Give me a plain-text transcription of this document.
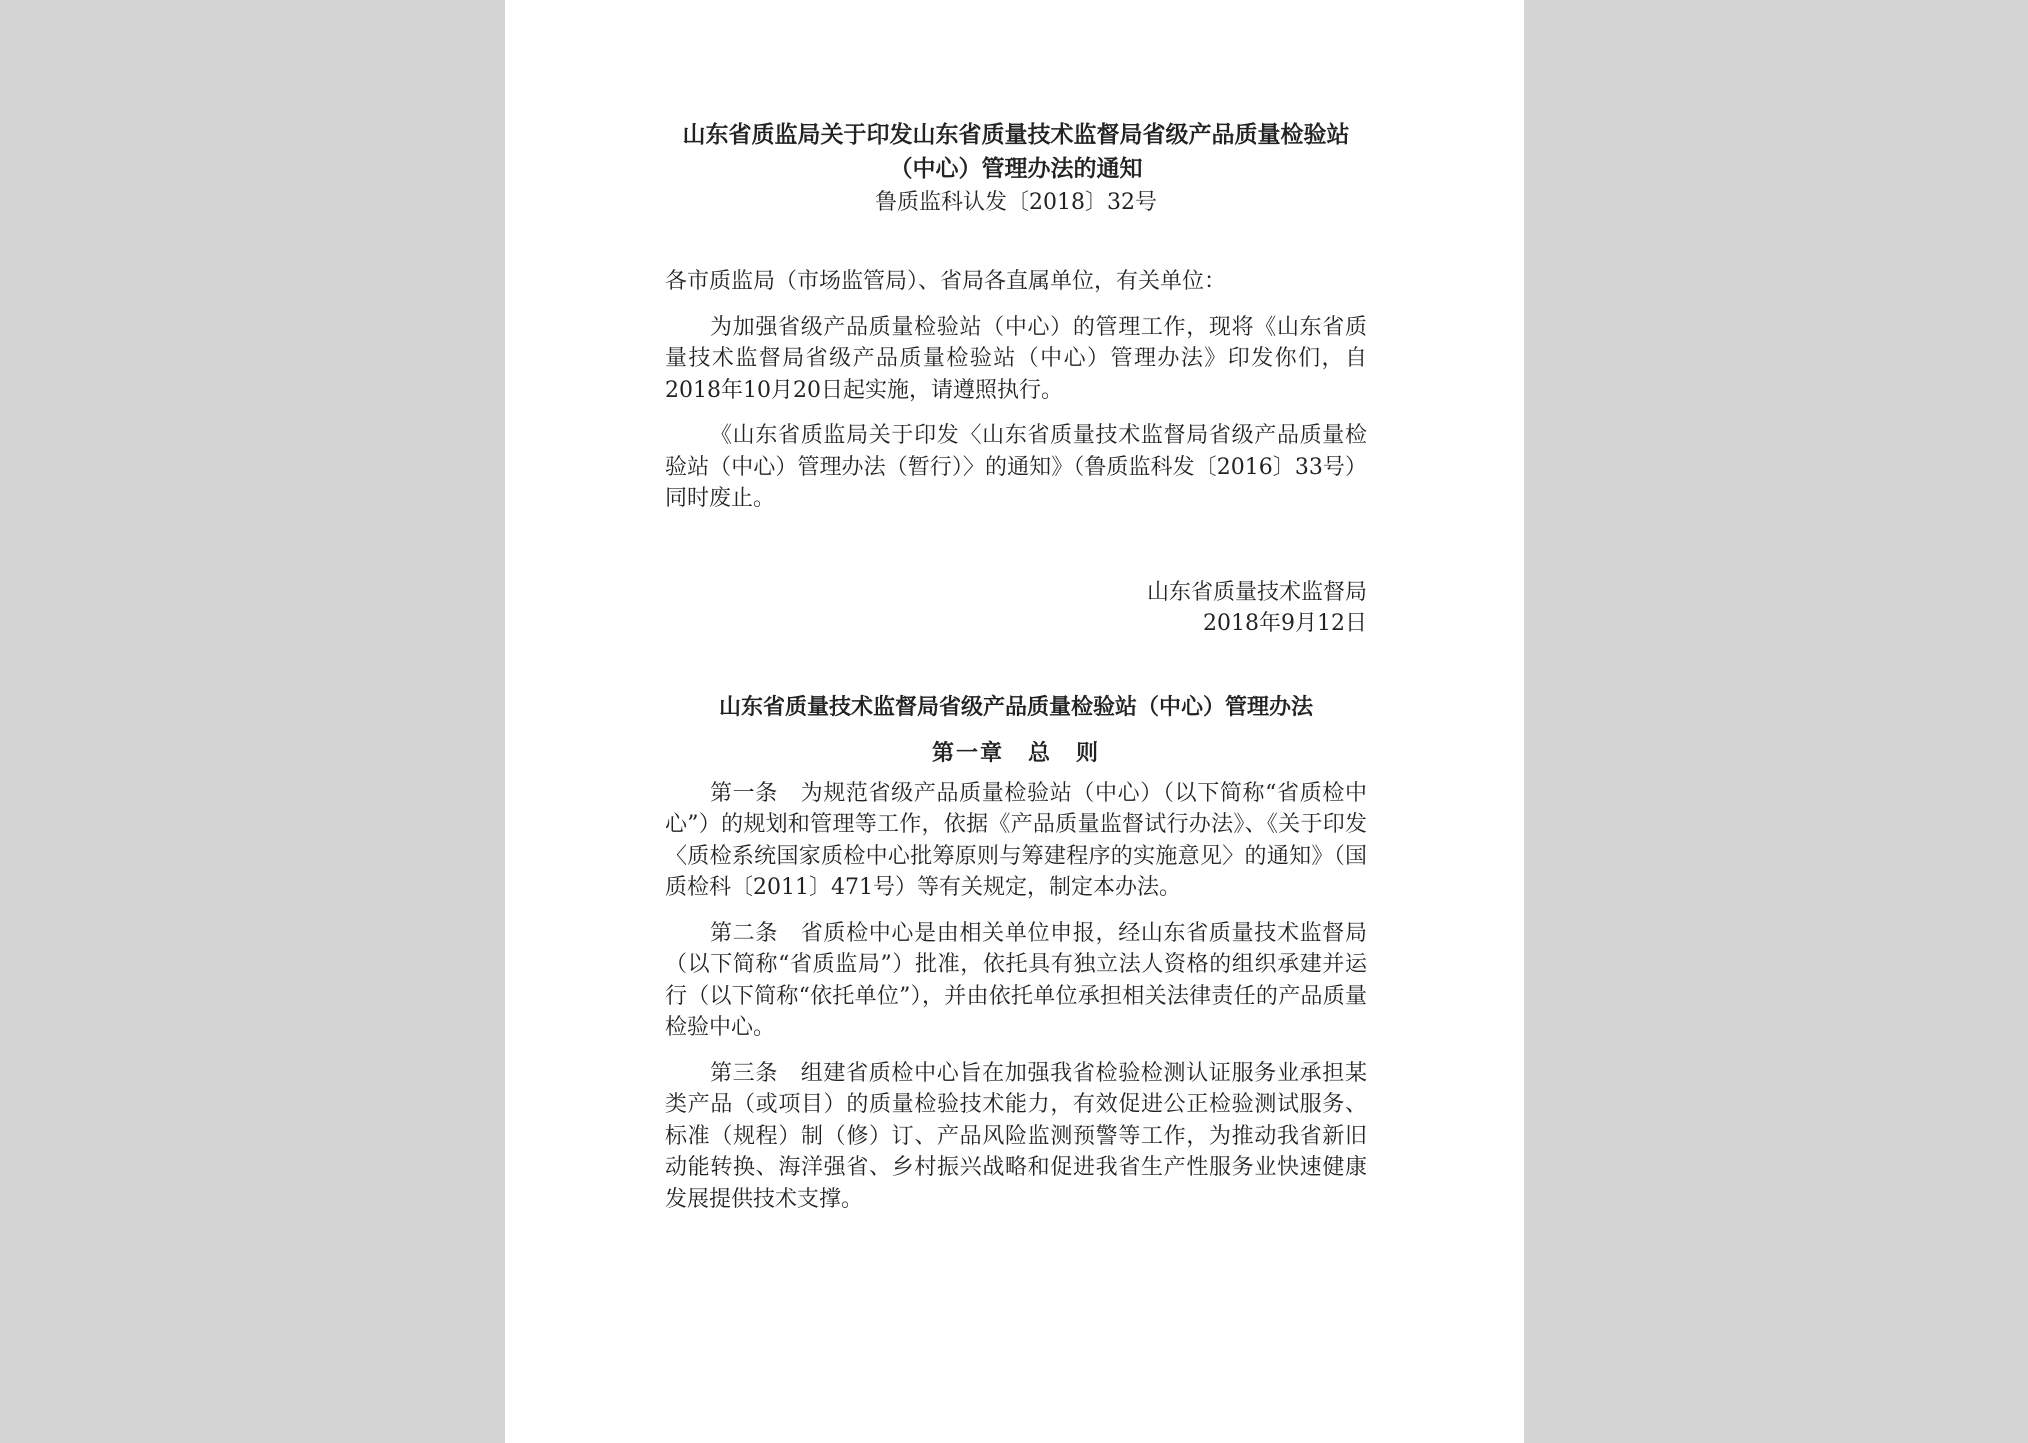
山东省质监局关于印发山东省质量技术监督局省级产品质量检验站（中心）管理办法的通知
鲁质监科认发〔2018〕32号

各市质监局（市场监管局）、省局各直属单位，有关单位：

为加强省级产品质量检验站（中心）的管理工作，现将《山东省质量技术监督局省级产品质量检验站（中心）管理办法》印发你们，自2018年10月20日起实施，请遵照执行。

《山东省质监局关于印发〈山东省质量技术监督局省级产品质量检验站（中心）管理办法（暂行）〉的通知》（鲁质监科发〔2016〕33号）同时废止。

山东省质量技术监督局
2018年9月12日
山东省质量技术监督局省级产品质量检验站（中心）管理办法
第一章　总　则

第一条　为规范省级产品质量检验站（中心）（以下简称“省质检中心”）的规划和管理等工作，依据《产品质量监督试行办法》、《关于印发〈质检系统国家质检中心批筹原则与筹建程序的实施意见〉的通知》（国质检科〔2011〕471号）等有关规定，制定本办法。

第二条　省质检中心是由相关单位申报，经山东省质量技术监督局（以下简称“省质监局”）批准，依托具有独立法人资格的组织承建并运行（以下简称“依托单位”），并由依托单位承担相关法律责任的产品质量检验中心。

第三条　组建省质检中心旨在加强我省检验检测认证服务业承担某类产品（或项目）的质量检验技术能力，有效促进公正检验测试服务、标准（规程）制（修）订、产品风险监测预警等工作，为推动我省新旧动能转换、海洋强省、乡村振兴战略和促进我省生产性服务业快速健康发展提供技术支撑。
